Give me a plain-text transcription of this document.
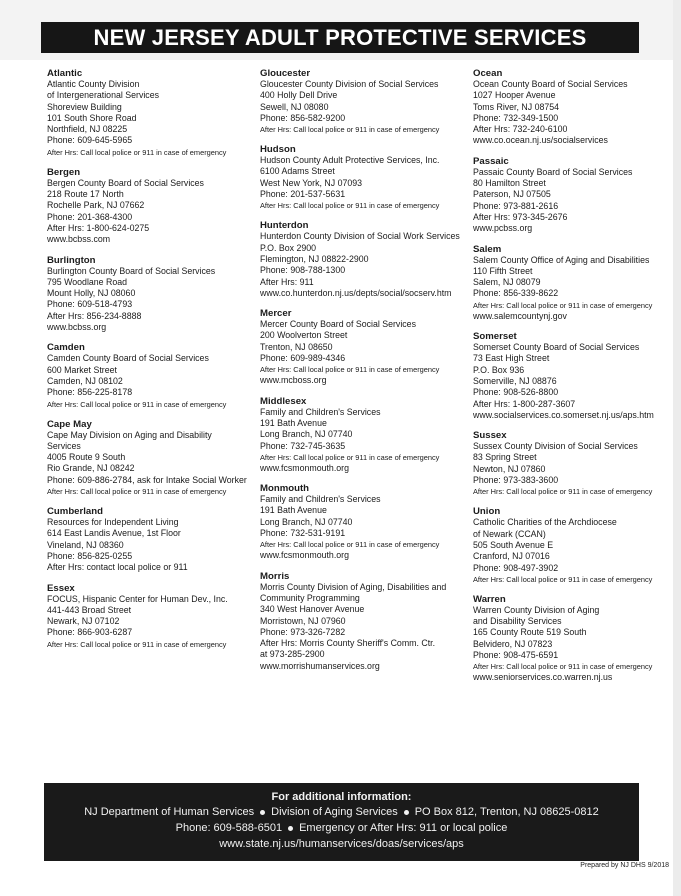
NEW JERSEY ADULT PROTECTIVE SERVICES
Atlantic
Atlantic County Division
of Intergenerational Services
Shoreview Building
101 South Shore Road
Northfield, NJ 08225
Phone: 609-645-5965
After Hrs: Call local police or 911 in case of emergency
Bergen
Bergen County Board of Social Services
218 Route 17 North
Rochelle Park, NJ 07662
Phone: 201-368-4300
After Hrs: 1-800-624-0275
www.bcbss.com
Burlington
Burlington County Board of Social Services
795 Woodlane Road
Mount Holly, NJ 08060
Phone: 609-518-4793
After Hrs: 856-234-8888
www.bcbss.org
Camden
Camden County Board of Social Services
600 Market Street
Camden, NJ 08102
Phone: 856-225-8178
After Hrs: Call local police or 911 in case of emergency
Cape May
Cape May Division on Aging and Disability
Services
4005 Route 9 South
Rio Grande, NJ 08242
Phone: 609-886-2784, ask for Intake Social Worker
After Hrs: Call local police or 911 in case of emergency
Cumberland
Resources for Independent Living
614 East Landis Avenue, 1st Floor
Vineland, NJ 08360
Phone: 856-825-0255
After Hrs: contact local police or 911
Essex
FOCUS, Hispanic Center for Human Dev., Inc.
441-443 Broad Street
Newark, NJ 07102
Phone: 866-903-6287
After Hrs: Call local police or 911 in case of emergency
Gloucester
Gloucester County Division of Social Services
400 Holly Dell Drive
Sewell, NJ 08080
Phone: 856-582-9200
After Hrs: Call local police or 911 in case of emergency
Hudson
Hudson County Adult Protective Services, Inc.
6100 Adams Street
West New York, NJ 07093
Phone: 201-537-5631
After Hrs: Call local police or 911 in case of emergency
Hunterdon
Hunterdon County Division of Social Work Services
P.O. Box 2900
Flemington, NJ 08822-2900
Phone: 908-788-1300
After Hrs: 911
www.co.hunterdon.nj.us/depts/social/socserv.htm
Mercer
Mercer County Board of Social Services
200 Woolverton Street
Trenton, NJ 08650
Phone: 609-989-4346
After Hrs: Call local police or 911 in case of emergency
www.mcboss.org
Middlesex
Family and Children's Services
191 Bath Avenue
Long Branch, NJ 07740
Phone: 732-745-3635
After Hrs: Call local police or 911 in case of emergency
www.fcsmonmouth.org
Monmouth
Family and Children's Services
191 Bath Avenue
Long Branch, NJ 07740
Phone: 732-531-9191
After Hrs: Call local police or 911 in case of emergency
www.fcsmonmouth.org
Morris
Morris County Division of Aging, Disabilities and
Community Programming
340 West Hanover Avenue
Morristown, NJ 07960
Phone: 973-326-7282
After Hrs: Morris County Sheriff's Comm. Ctr.
at 973-285-2900
www.morrishumanservices.org
Ocean
Ocean County Board of Social Services
1027 Hooper Avenue
Toms River, NJ 08754
Phone: 732-349-1500
After Hrs: 732-240-6100
www.co.ocean.nj.us/socialservices
Passaic
Passaic County Board of Social Services
80 Hamilton Street
Paterson, NJ 07505
Phone: 973-881-2616
After Hrs: 973-345-2676
www.pcbss.org
Salem
Salem County Office of Aging and Disabilities
110 Fifth Street
Salem, NJ 08079
Phone: 856-339-8622
After Hrs: Call local police or 911 in case of emergency
www.salemcountynj.gov
Somerset
Somerset County Board of Social Services
73 East High Street
P.O. Box 936
Somerville, NJ 08876
Phone: 908-526-8800
After Hrs: 1-800-287-3607
www.socialservices.co.somerset.nj.us/aps.htm
Sussex
Sussex County Division of Social Services
83 Spring Street
Newton, NJ 07860
Phone: 973-383-3600
After Hrs: Call local police or 911 in case of emergency
Union
Catholic Charities of the Archdiocese
of Newark (CCAN)
505 South Avenue E
Cranford, NJ 07016
Phone: 908-497-3902
After Hrs: Call local police or 911 in case of emergency
Warren
Warren County Division of Aging
and Disability Services
165 County Route 519 South
Belvidero, NJ 07823
Phone: 908-475-6591
After Hrs: Call local police or 911 in case of emergency
www.seniorservices.co.warren.nj.us
For additional information:
NJ Department of Human Services Division of Aging Services PO Box 812, Trenton, NJ 08625-0812
Phone: 609-588-6501 Emergency or After Hrs: 911 or local police
www.state.nj.us/humanservices/doas/services/aps
Prepared by NJ DHS 9/2018
